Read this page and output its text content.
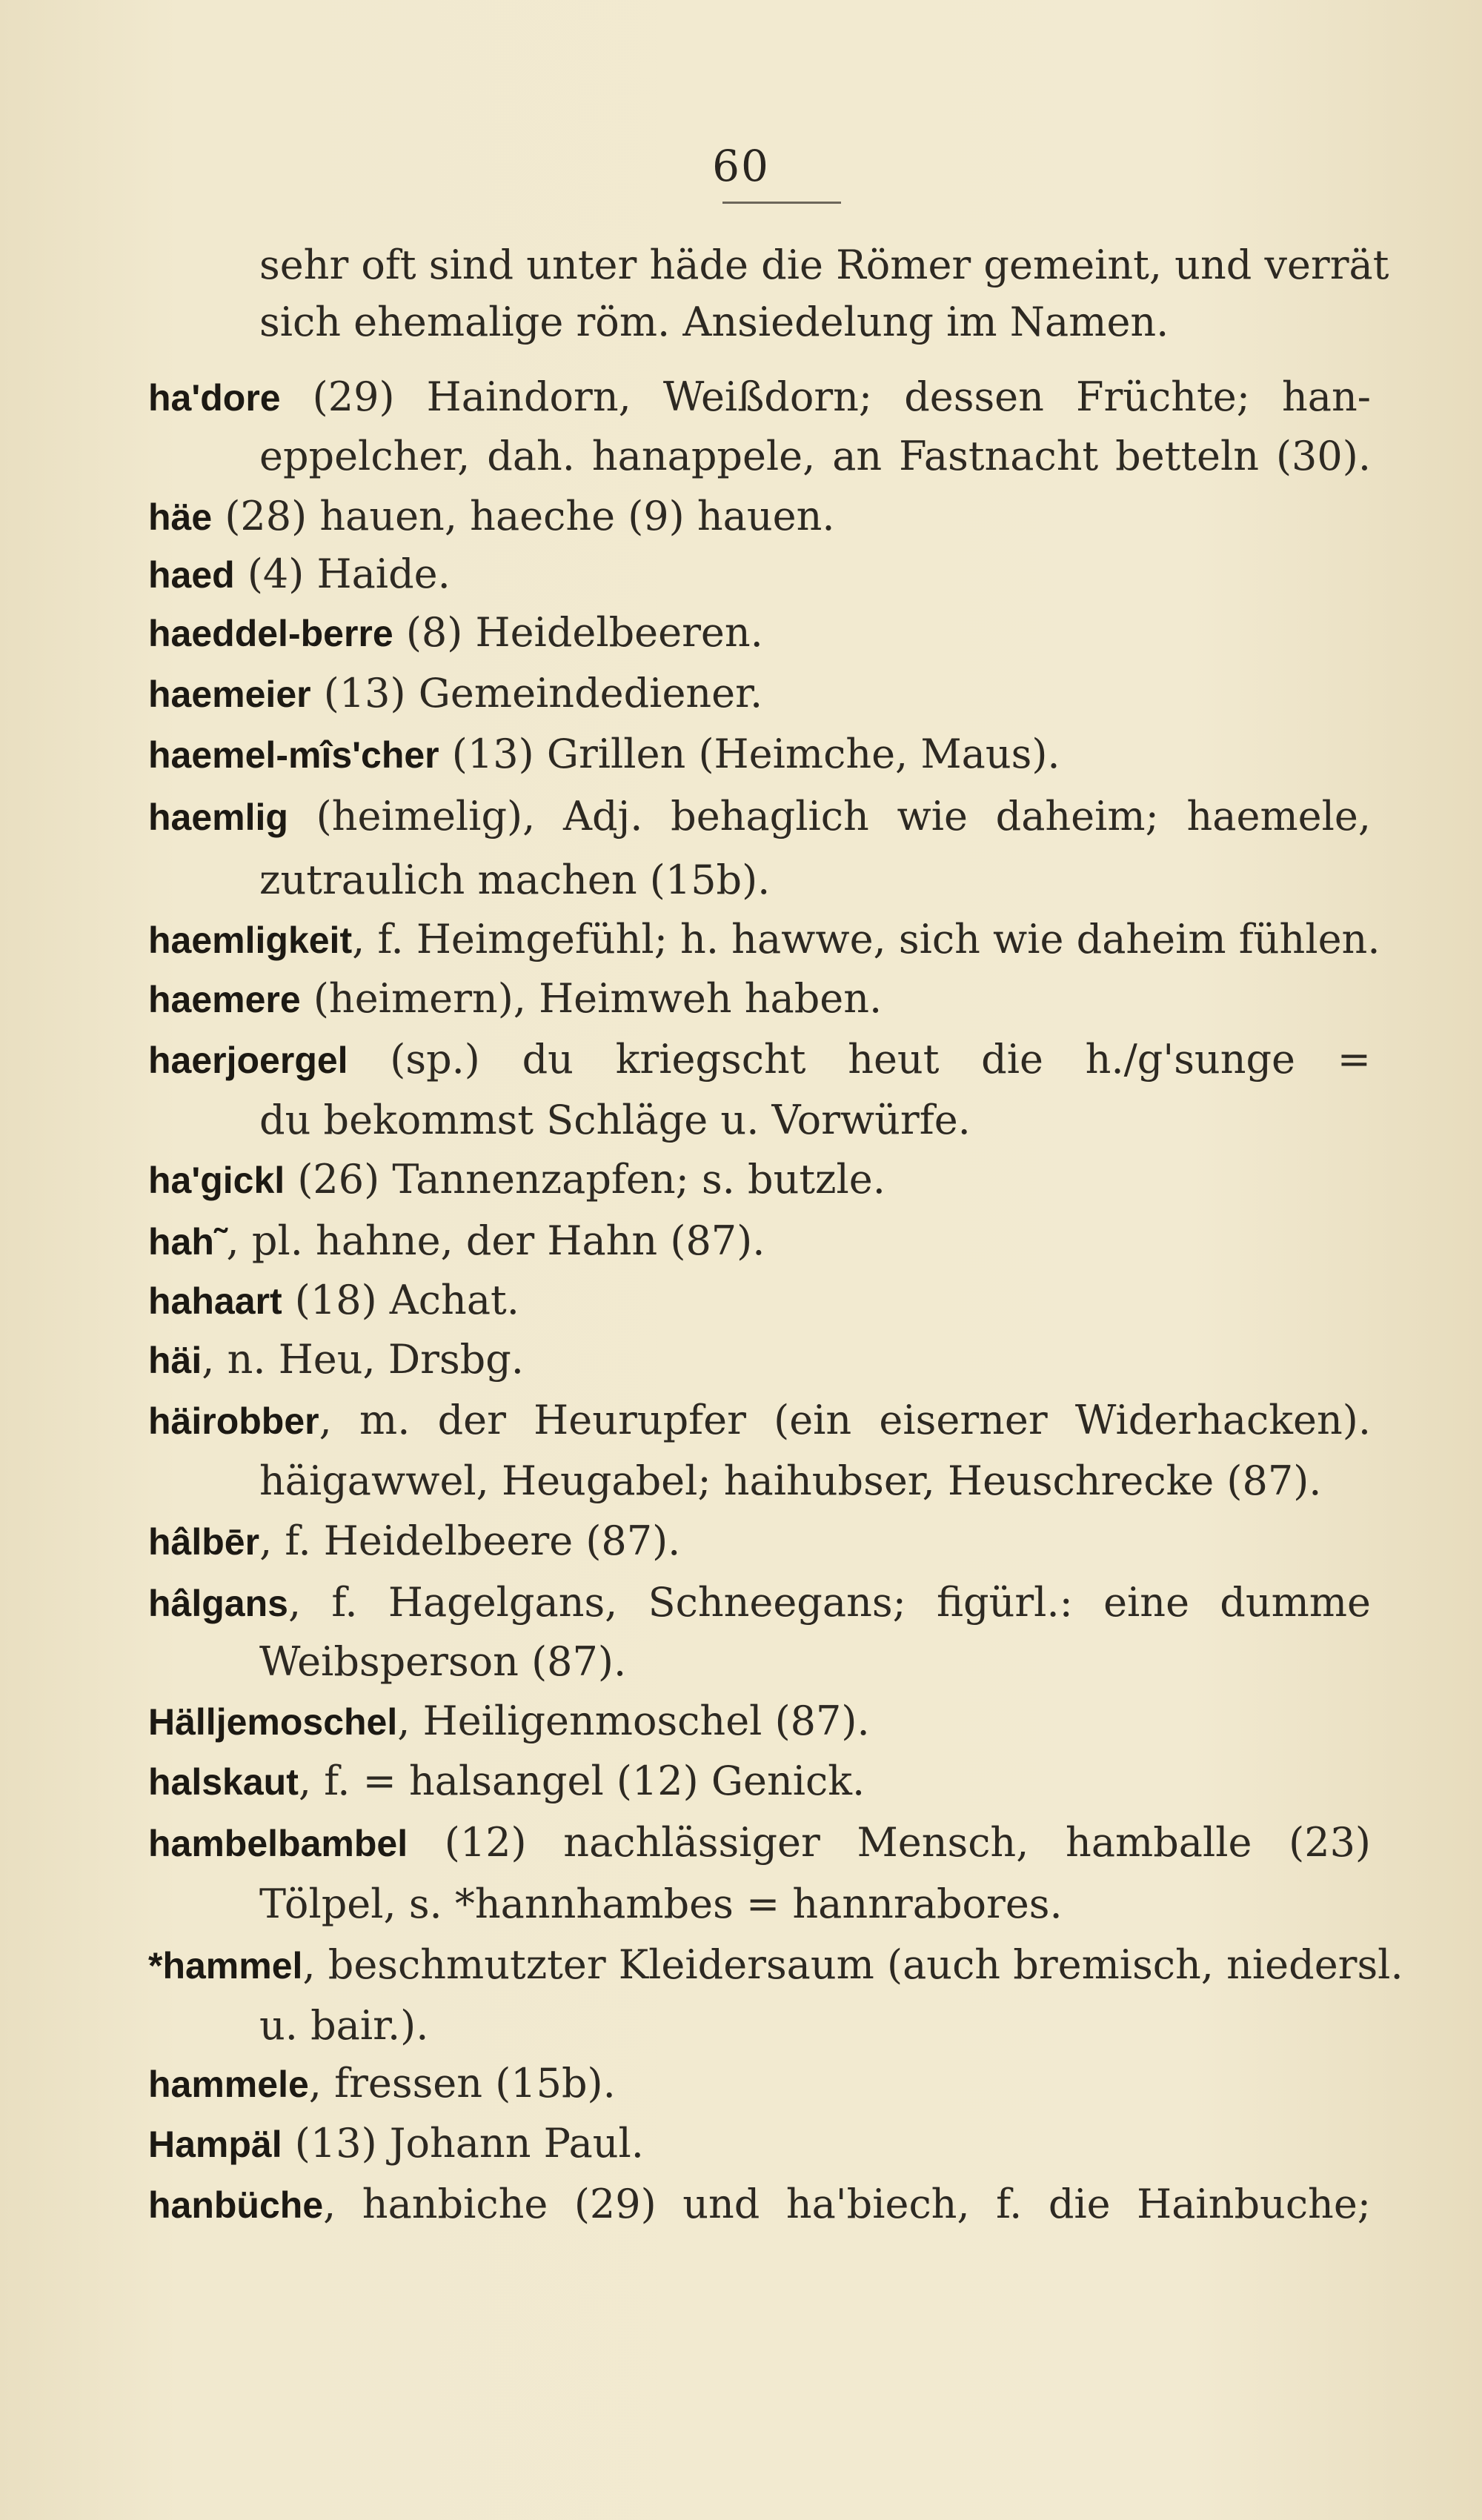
60
sehr oft sind unter häde die Römer gemeint, und verrät
sich ehemalige röm. Ansiedelung im Namen.
ha'dore (29) Haindorn, Weißdorn; dessen Früchte; han-
eppelcher, dah. hanappele, an Fastnacht betteln (30).
häe (28) hauen, haeche (9) hauen.
haed (4) Haide.
haeddel-berre (8) Heidelbeeren.
haemeier (13) Gemeindediener.
haemel-mîs'cher (13) Grillen (Heimche, Maus).
haemlig (heimelig), Adj. behaglich wie daheim; haemele,
zutraulich machen (15b).
haemligkeit, f. Heimgefühl; h. hawwe, sich wie daheim fühlen.
haemere (heimern), Heimweh haben.
haerjoergel (sp.) du kriegscht heut die h./g'sunge =
du bekommst Schläge u. Vorwürfe.
ha'gickl (26) Tannenzapfen; s. butzle.
hah˜, pl. hahne, der Hahn (87).
hahaart (18) Achat.
häi, n. Heu, Drsbg.
häirobber, m. der Heurupfer (ein eiserner Widerhacken).
häigawwel, Heugabel; haihubser, Heuschrecke (87).
hâlbēr, f. Heidelbeere (87).
hâlgans, f. Hagelgans, Schneegans; figürl.: eine dumme
Weibsperson (87).
Hälljemoschel, Heiligenmoschel (87).
halskaut, f. = halsangel (12) Genick.
hambelbambel (12) nachlässiger Mensch, hamballe (23)
Tölpel, s. *hannhambes = hannrabores.
*hammel, beschmutzter Kleidersaum (auch bremisch, niedersl.
u. bair.).
hammele, fressen (15b).
Hampäl (13) Johann Paul.
hanbüche, hanbiche (29) und ha'biech, f. die Hainbuche;
